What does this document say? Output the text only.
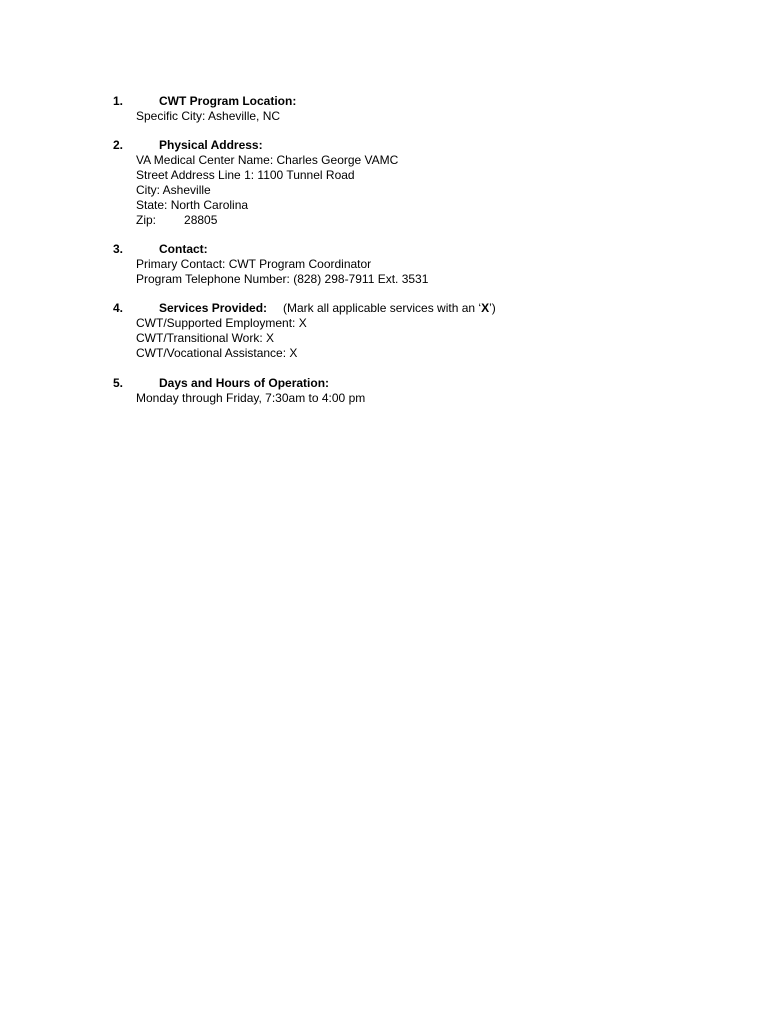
1.	CWT Program Location:
Specific City: Asheville, NC
2.	Physical Address:
VA Medical Center Name: Charles George VAMC
Street Address Line 1: 1100 Tunnel Road
City: Asheville
State: North Carolina
Zip: 28805
3.	Contact:
Primary Contact: CWT Program Coordinator
Program Telephone Number: (828) 298-7911 Ext. 3531
4.	Services Provided: (Mark all applicable services with an ‘X’)
CWT/Supported Employment: X
CWT/Transitional Work: X
CWT/Vocational Assistance: X
5.	Days and Hours of Operation:
Monday through Friday, 7:30am to 4:00 pm
